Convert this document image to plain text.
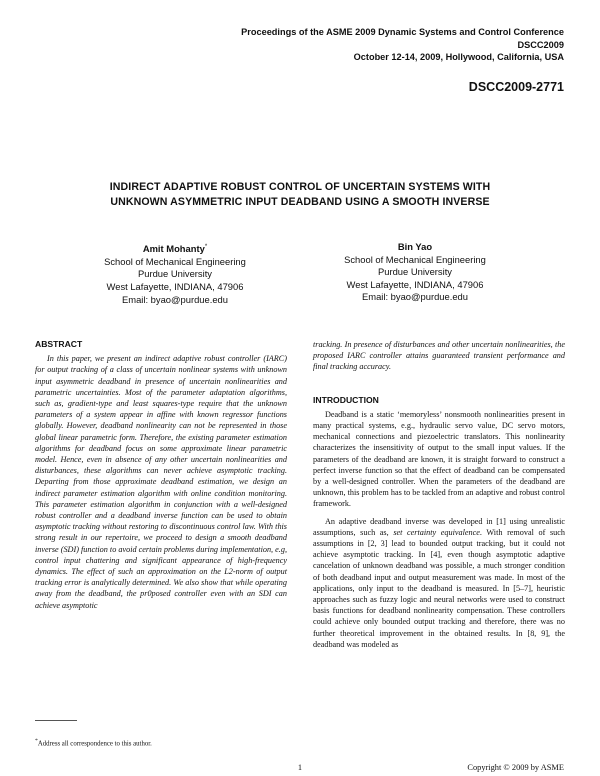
Proceedings of the ASME 2009 Dynamic Systems and Control Conference
DSCC2009
October 12-14, 2009, Hollywood, California, USA
DSCC2009-2771
INDIRECT ADAPTIVE ROBUST CONTROL OF UNCERTAIN SYSTEMS WITH
UNKNOWN ASYMMETRIC INPUT DEADBAND USING A SMOOTH INVERSE
Amit Mohanty*
School of Mechanical Engineering
Purdue University
West Lafayette, INDIANA, 47906
Email: byao@purdue.edu
Bin Yao
School of Mechanical Engineering
Purdue University
West Lafayette, INDIANA, 47906
Email: byao@purdue.edu
ABSTRACT

In this paper, we present an indirect adaptive robust controller (IARC) for output tracking of a class of uncertain nonlinear systems with unknown input asymmetric deadband in presence of uncertain nonlinearities and parametric uncertainties. Most of the parameter adaptation algorithms, such as, gradient-type and least squares-type require that the unknown parameters of a system appear in affine with known regressor functions globally. However, deadband nonlinearity can not be represented in those global linear parametric form. Therefore, the existing parameter estimation algorithms for deadband focus on some approximate linear parametric model. Hence, even in absence of any other uncertain nonlinearities and disturbances, these algorithms can never achieve asymptotic tracking. Departing from those approximate deadband estimation, we design an indirect parameter estimation algorithm with online condition monitoring. This parameter estimation algorithm in conjunction with a well-designed robust controller and a deadband inverse function can be used to obtain asymptotic tracking without restoring to discontinuous control law. With this strong result in our repertoire, we proceed to design a smooth deadband inverse (SDI) function to avoid certain problems during implementation, e.g, control input chattering and significant appearance of high-frequency dynamics. The effect of such an approximation on the L2-norm of output tracking error is analytically determined. We also show that while operating away from the deadband, the pr0posed controller even with an SDI can achieve asymptotic

tracking. In presence of disturbances and other uncertain nonlinearities, the proposed IARC controller attains guaranteed transient performance and final tracking accuracy.

INTRODUCTION

Deadband is a static ‘memoryless’ nonsmooth nonlinearities present in many practical systems, e.g., hydraulic servo value, DC servo motors, mechanical connections and piezoelectric translators. This nonlinearity characterizes the insensitivity of output to the small input values. If the parameters of the deadband are known, it is straight forward to construct a perfect inverse function so that the effect of deadband can be compensated by a well-designed controller. When the parameters of the deadband are unknown, this problem has to be tackled from an adaptive and robust control framework.

An adaptive deadband inverse was developed in [1] using unrealistic assumptions, such as, set certainty equivalence. With removal of such assumptions in [2, 3] lead to bounded output tracking, but it could not achieve asymptotic tracking. In [4], even though asymptotic adaptive cancelation of unknown deadband was possible, a much stronger condition of both deadband input and output measurement was made. In most of the applications, only input to the deadband is measured. In [5–7], heuristic approaches such as fuzzy logic and neural networks were used to construct basis functions for deadband nonlinearity compensation. These controllers could achieve only bounded output tracking and therefore, there was no further theoretical improvement in the obtained results. In [8, 9], the deadband was modeled as

*Address all correspondence to this author.
1	Copyright © 2009 by ASME
